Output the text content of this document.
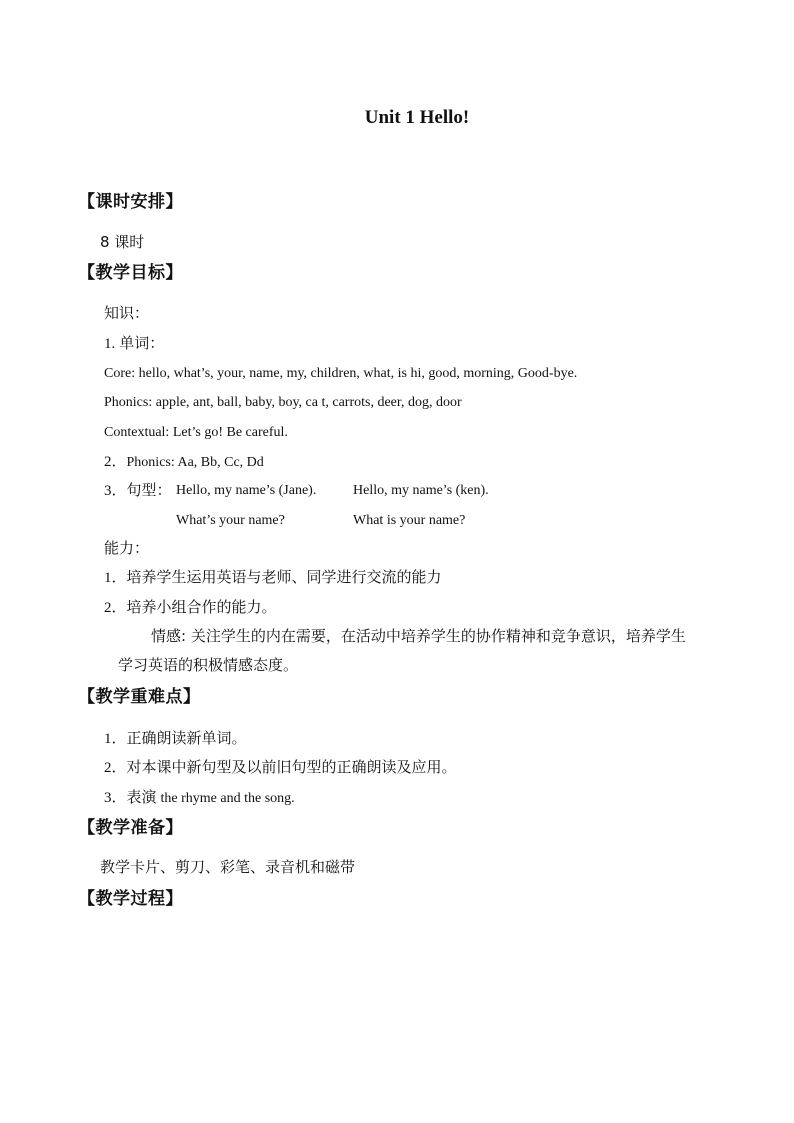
Unit 1 Hello!
【课时安排】
8 课时
【教学目标】
知识：
1. 单词：
Core: hello, what’s, your, name, my, children, what, is hi, good, morning, Good-bye.
Phonics: apple, ant, ball, baby, boy, ca t, carrots, deer, dog, door
Contextual: Let’s go! Be careful.
2．Phonics: Aa, Bb, Cc, Dd
3．句型： Hello, my name’s (Jane).	Hello, my name’s (ken).
What’s your name?	What is your name?
能力：
1．培养学生运用英语与老师、同学进行交流的能力
2．培养小组合作的能力。
情感: 关注学生的内在需要，在活动中培养学生的协作精神和竞争意识，培养学生
学习英语的积极情感态度。
【教学重难点】
1．正确朗读新单词。
2．对本课中新句型及以前旧句型的正确朗读及应用。
3．表演 the rhyme and the song.
【教学准备】
教学卡片、剪刀、彩笔、录音机和磁带
【教学过程】
